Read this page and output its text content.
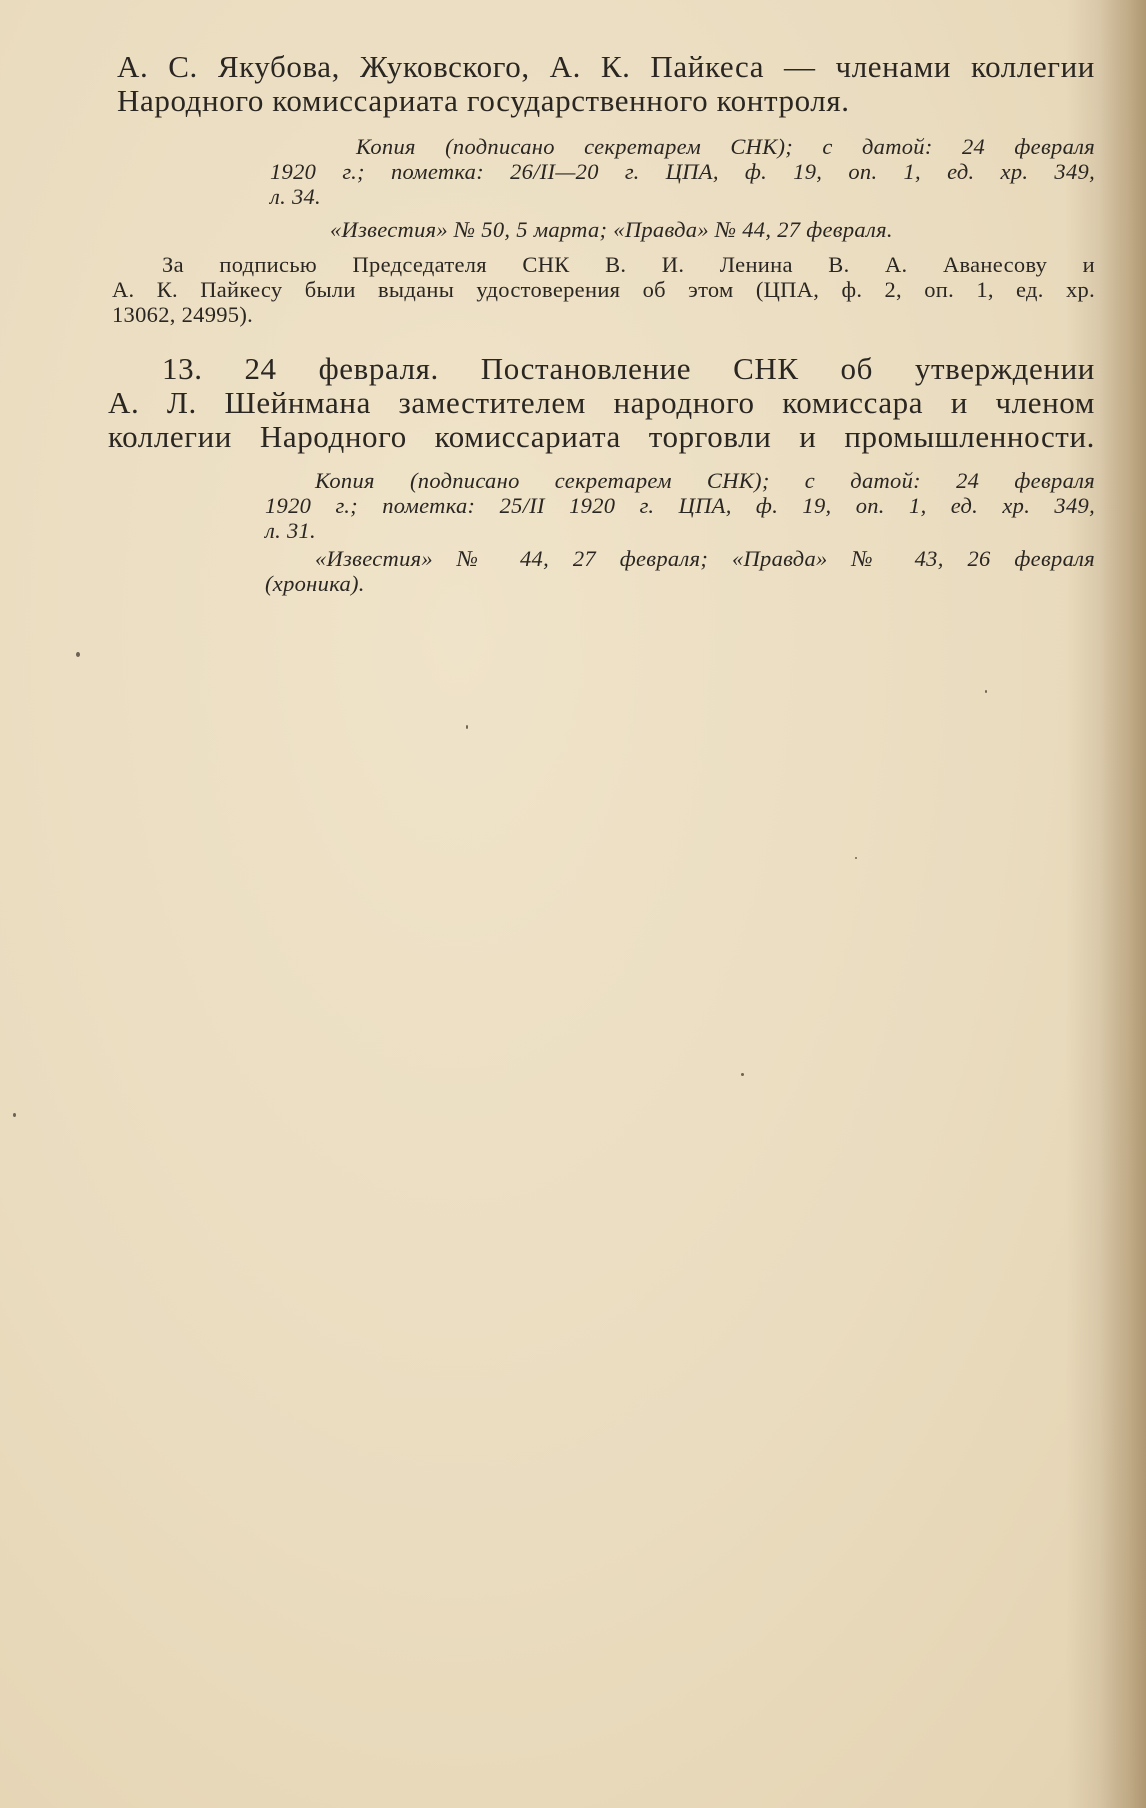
А. С. Якубова, Жуковского, А. К. Пайкеса — членами коллегии
Народного комиссариата государственного контроля.
Копия (подписано секретарем СНК); с датой: 24 февраля
1920 г.; пометка: 26/II—20 г. ЦПА, ф. 19, оп. 1, ед. хр. 349,
л. 34.
«Известия» № 50, 5 марта; «Правда» № 44, 27 февраля.
За подписью Председателя СНК В. И. Ленина В. А. Аванесову и
А. К. Пайкесу были выданы удостоверения об этом (ЦПА, ф. 2, оп. 1, ед. хр.
13062, 24995).
13. 24 февраля. Постановление СНК об утверждении
А. Л. Шейнмана заместителем народного комиссара и членом
коллегии Народного комиссариата торговли и промышленности.
Копия (подписано секретарем СНК); с датой: 24 февраля
1920 г.; пометка: 25/II 1920 г. ЦПА, ф. 19, оп. 1, ед. хр. 349,
л. 31.
«Известия» № 44, 27 февраля; «Правда» № 43, 26 февраля
(хроника).
